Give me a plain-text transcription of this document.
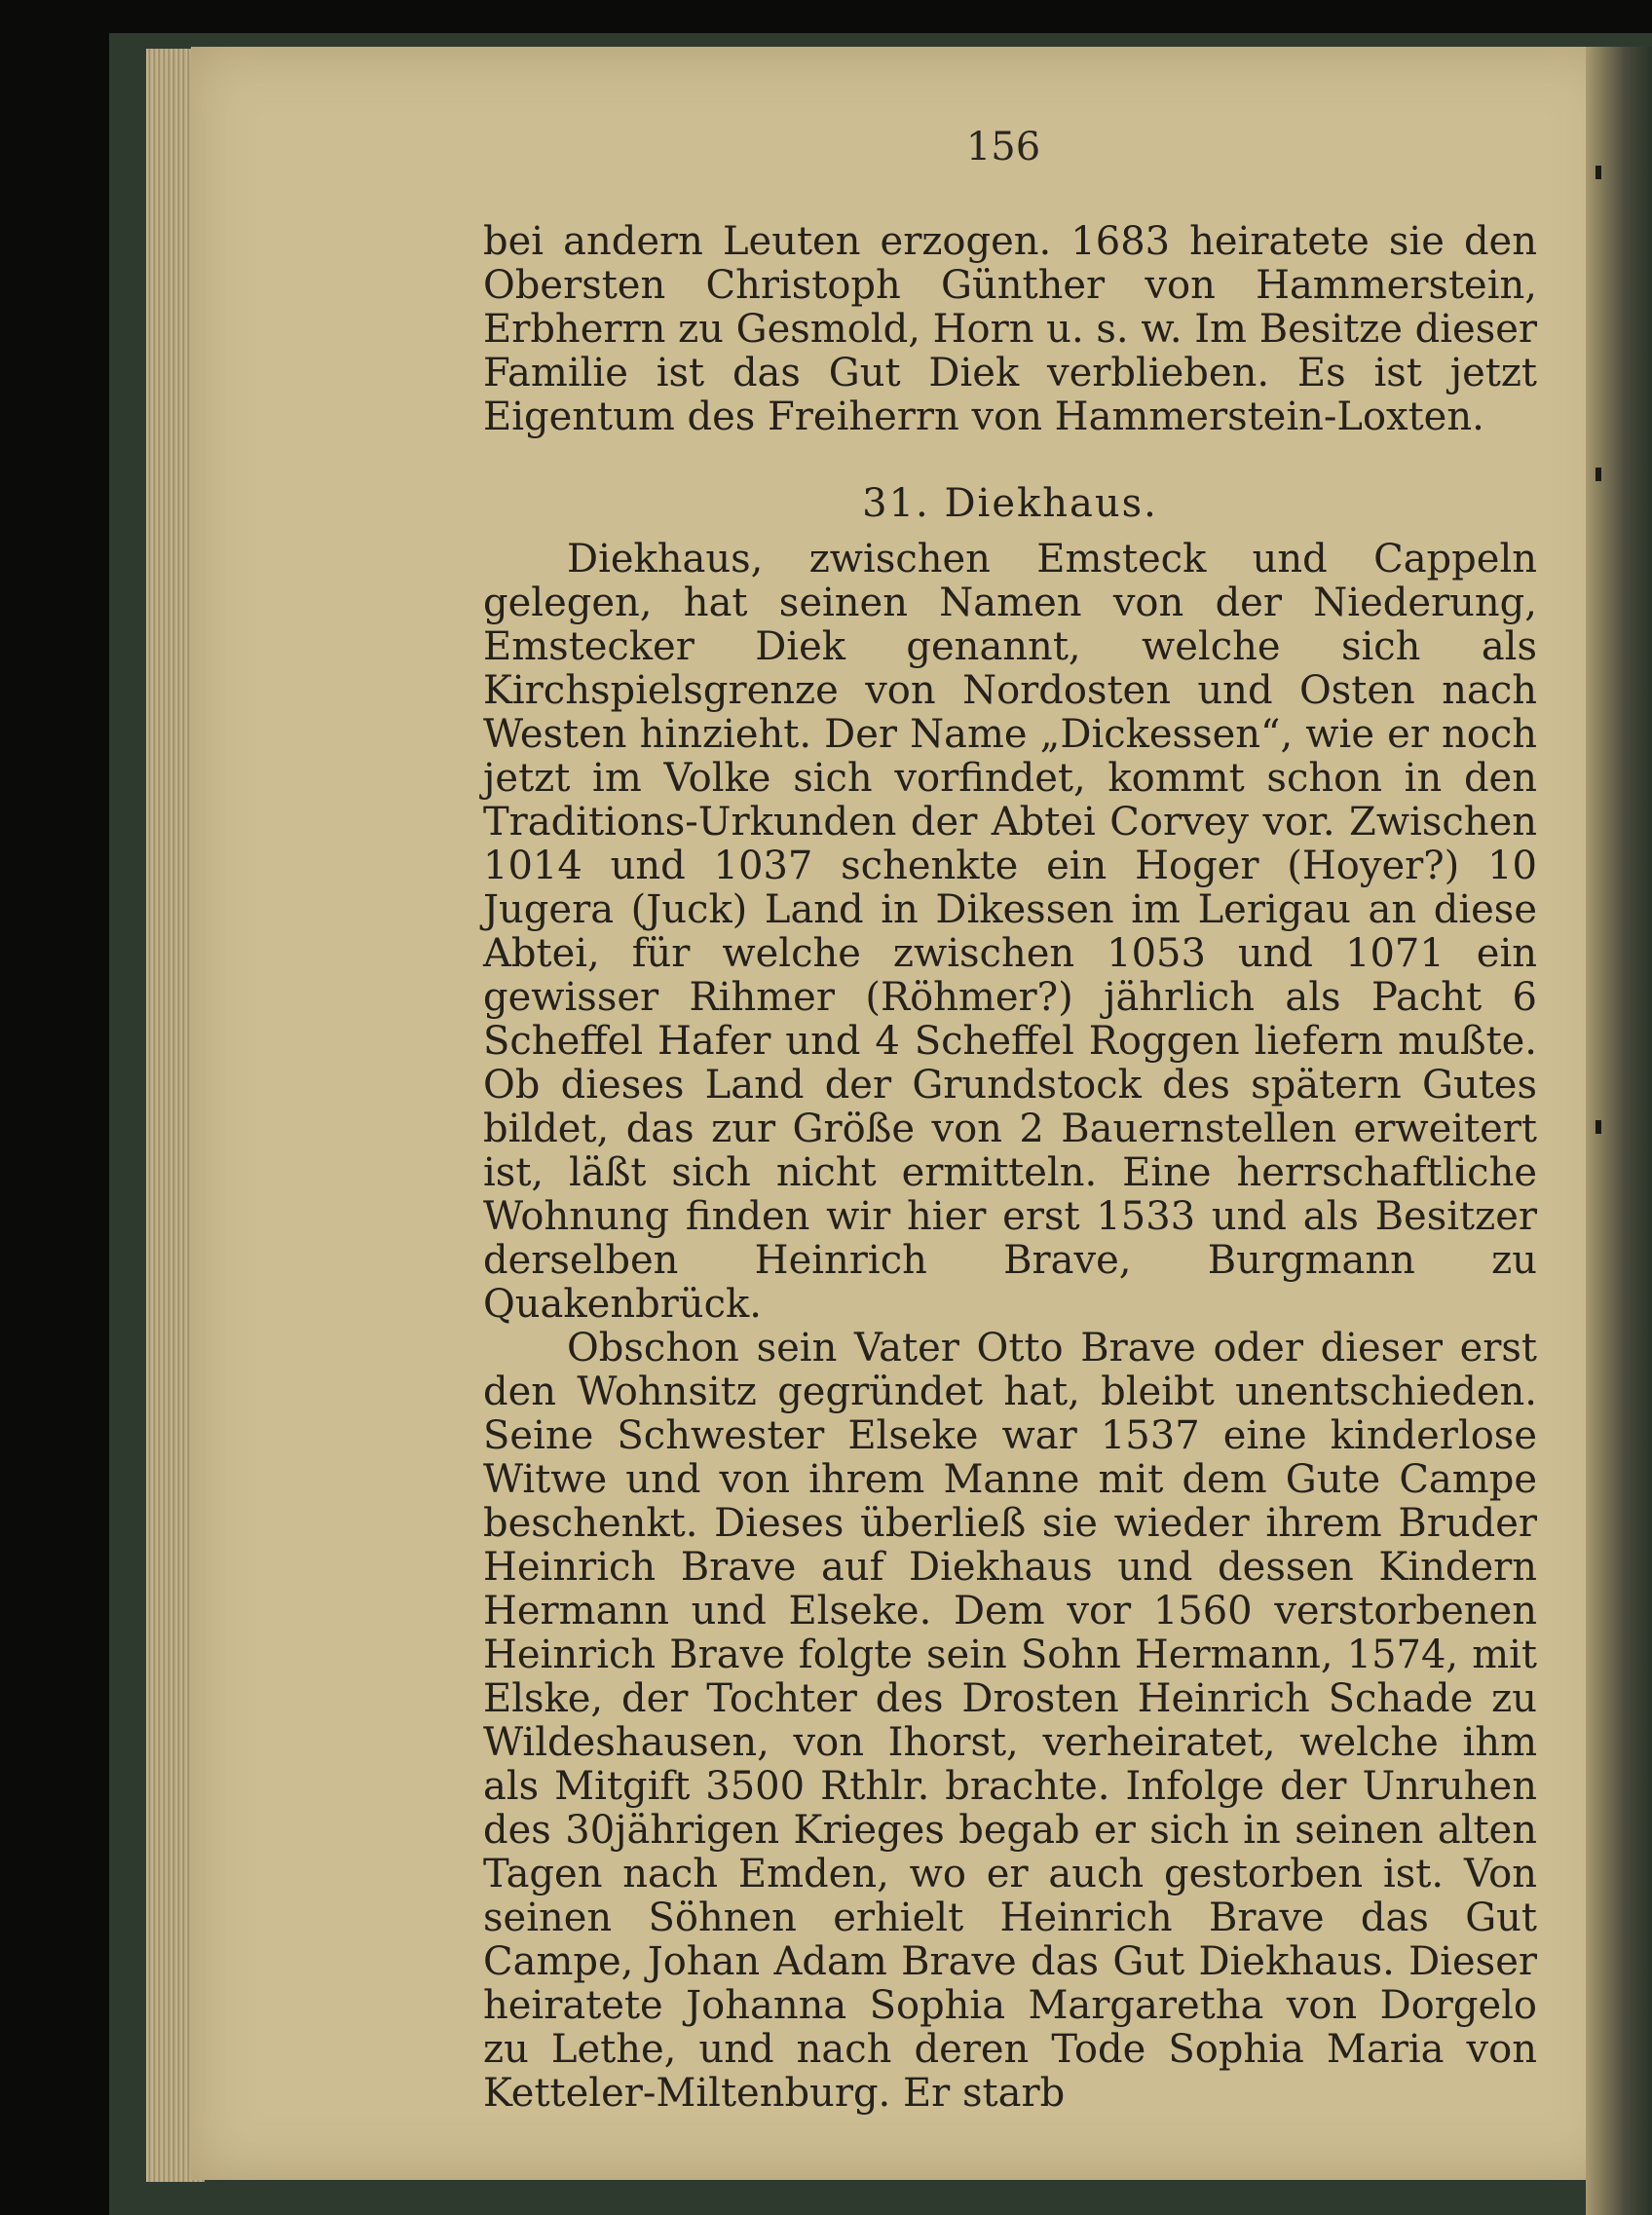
156

bei andern Leuten erzogen. 1683 heiratete sie den Obersten Christoph Günther von Hammerstein, Erbherrn zu Gesmold, Horn u. s. w. Im Besitze dieser Familie ist das Gut Diek verblieben. Es ist jetzt Eigentum des Freiherrn von Hammerstein-Loxten.

31. Diekhaus.

Diekhaus, zwischen Emsteck und Cappeln gelegen, hat seinen Namen von der Niederung, Emstecker Diek genannt, welche sich als Kirchspielsgrenze von Nordosten und Osten nach Westen hinzieht. Der Name „Dickessen“, wie er noch jetzt im Volke sich vorfindet, kommt schon in den Traditions-Urkunden der Abtei Corvey vor. Zwischen 1014 und 1037 schenkte ein Hoger (Hoyer?) 10 Jugera (Juck) Land in Dikessen im Lerigau an diese Abtei, für welche zwischen 1053 und 1071 ein gewisser Rihmer (Röhmer?) jährlich als Pacht 6 Scheffel Hafer und 4 Scheffel Roggen liefern mußte. Ob dieses Land der Grundstock des spätern Gutes bildet, das zur Größe von 2 Bauernstellen erweitert ist, läßt sich nicht ermitteln. Eine herrschaftliche Wohnung finden wir hier erst 1533 und als Besitzer derselben Heinrich Brave, Burgmann zu Quakenbrück.

Obschon sein Vater Otto Brave oder dieser erst den Wohnsitz gegründet hat, bleibt unentschieden. Seine Schwester Elseke war 1537 eine kinderlose Witwe und von ihrem Manne mit dem Gute Campe beschenkt. Dieses überließ sie wieder ihrem Bruder Heinrich Brave auf Diekhaus und dessen Kindern Hermann und Elseke. Dem vor 1560 verstorbenen Heinrich Brave folgte sein Sohn Hermann, 1574, mit Elske, der Tochter des Drosten Heinrich Schade zu Wildeshausen, von Ihorst, verheiratet, welche ihm als Mitgift 3500 Rthlr. brachte. Infolge der Unruhen des 30jährigen Krieges begab er sich in seinen alten Tagen nach Emden, wo er auch gestorben ist. Von seinen Söhnen erhielt Heinrich Brave das Gut Campe, Johan Adam Brave das Gut Diekhaus. Dieser heiratete Johanna Sophia Margaretha von Dorgelo zu Lethe, und nach deren Tode Sophia Maria von Ketteler-Miltenburg. Er starb
